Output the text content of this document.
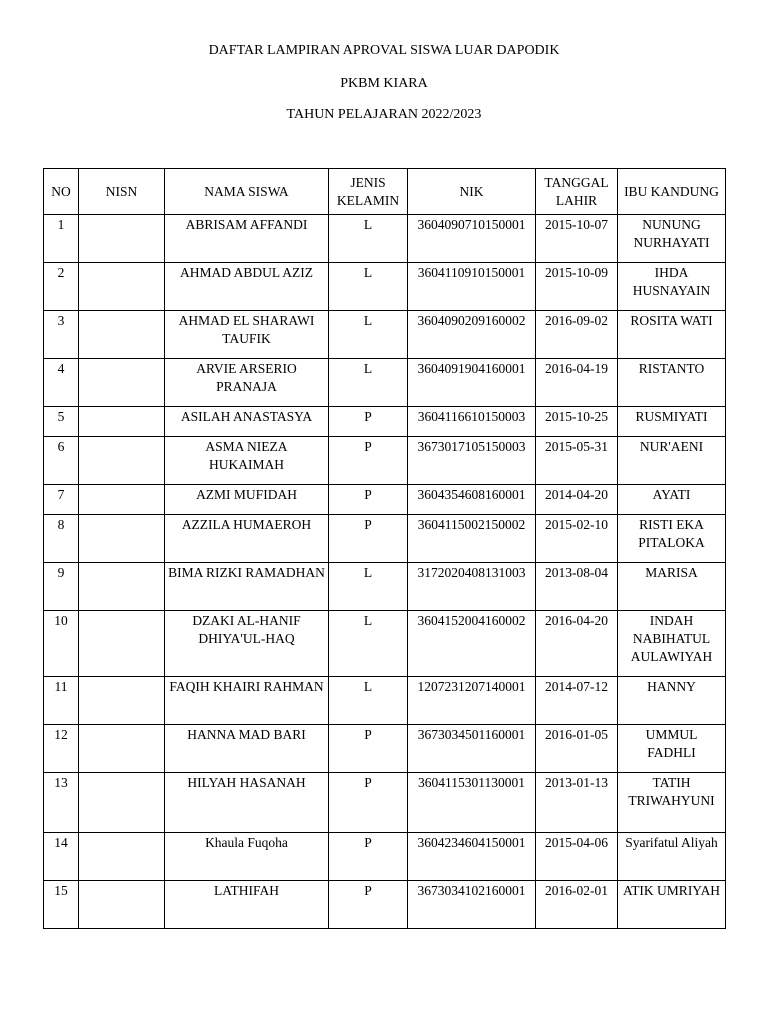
DAFTAR LAMPIRAN APROVAL SISWA LUAR DAPODIK
PKBM KIARA
TAHUN PELAJARAN 2022/2023
NO	NISN	NAMA SISWA	JENIS KELAMIN	NIK	TANGGAL LAHIR	IBU KANDUNG
1		ABRISAM AFFANDI	L	3604090710150001	2015-10-07	NUNUNG NURHAYATI
2		AHMAD ABDUL AZIZ	L	3604110910150001	2015-10-09	IHDA HUSNAYAIN
3		AHMAD EL SHARAWI TAUFIK	L	3604090209160002	2016-09-02	ROSITA WATI
4		ARVIE ARSERIO PRANAJA	L	3604091904160001	2016-04-19	RISTANTO
5		ASILAH ANASTASYA	P	3604116610150003	2015-10-25	RUSMIYATI
6		ASMA NIEZA HUKAIMAH	P	3673017105150003	2015-05-31	NUR'AENI
7		AZMI MUFIDAH	P	3604354608160001	2014-04-20	AYATI
8		AZZILA HUMAEROH	P	3604115002150002	2015-02-10	RISTI EKA PITALOKA
9		BIMA RIZKI RAMADHAN	L	3172020408131003	2013-08-04	MARISA
10		DZAKI AL-HANIF DHIYA'UL-HAQ	L	3604152004160002	2016-04-20	INDAH NABIHATUL AULAWIYAH
11		FAQIH KHAIRI RAHMAN	L	1207231207140001	2014-07-12	HANNY
12		HANNA MAD BARI	P	3673034501160001	2016-01-05	UMMUL FADHLI
13		HILYAH HASANAH	P	3604115301130001	2013-01-13	TATIH TRIWAHYUNI
14		Khaula Fuqoha	P	3604234604150001	2015-04-06	Syarifatul Aliyah
15		LATHIFAH	P	3673034102160001	2016-02-01	ATIK UMRIYAH
